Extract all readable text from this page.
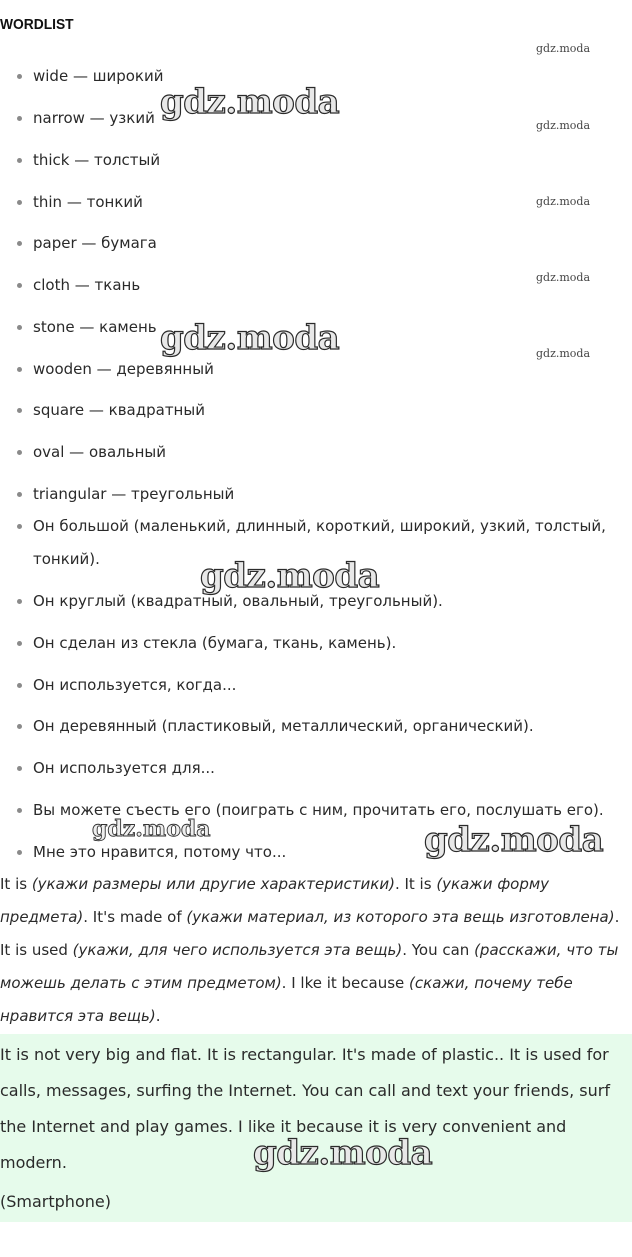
WORDLIST
wide — широкий
narrow — узкий
thick — толстый
thin — тонкий
paper — бумага
cloth — ткань
stone — камень
wooden — деревянный
square — квадратный
oval — овальный
triangular — треугольный
Он большой (маленький, длинный, короткий, широкий, узкий, толстый, тонкий).
Он круглый (квадратный, овальный, треугольный).
Он сделан из стекла (бумага, ткань, камень).
Он используется, когда...
Он деревянный (пластиковый, металлический, органический).
Он используется для...
Вы можете съесть его (поиграть с ним, прочитать его, послушать его).
Мне это нравится, потому что...
It is (укажи размеры или другие характеристики). It is (укажи форму предмета). It's made of (укажи материал, из которого эта вещь изготовлена). It is used (укажи, для чего используется эта вещь). You can (расскажи, что ты можешь делать с этим предметом). I lke it because (скажи, почему тебе нравится эта вещь).
It is not very big and flat. It is rectangular. It's made of plastic.. It is used for calls, messages, surfing the Internet. You can call and text your friends, surf the Internet and play games. I like it because it is very convenient and modern.
(Smartphone)
gdz.moda
gdz.moda
gdz.moda
gdz.moda
gdz.moda
gdz.moda
gdz.moda
gdz.moda
gdz.moda	gdz.moda
gdz.moda
